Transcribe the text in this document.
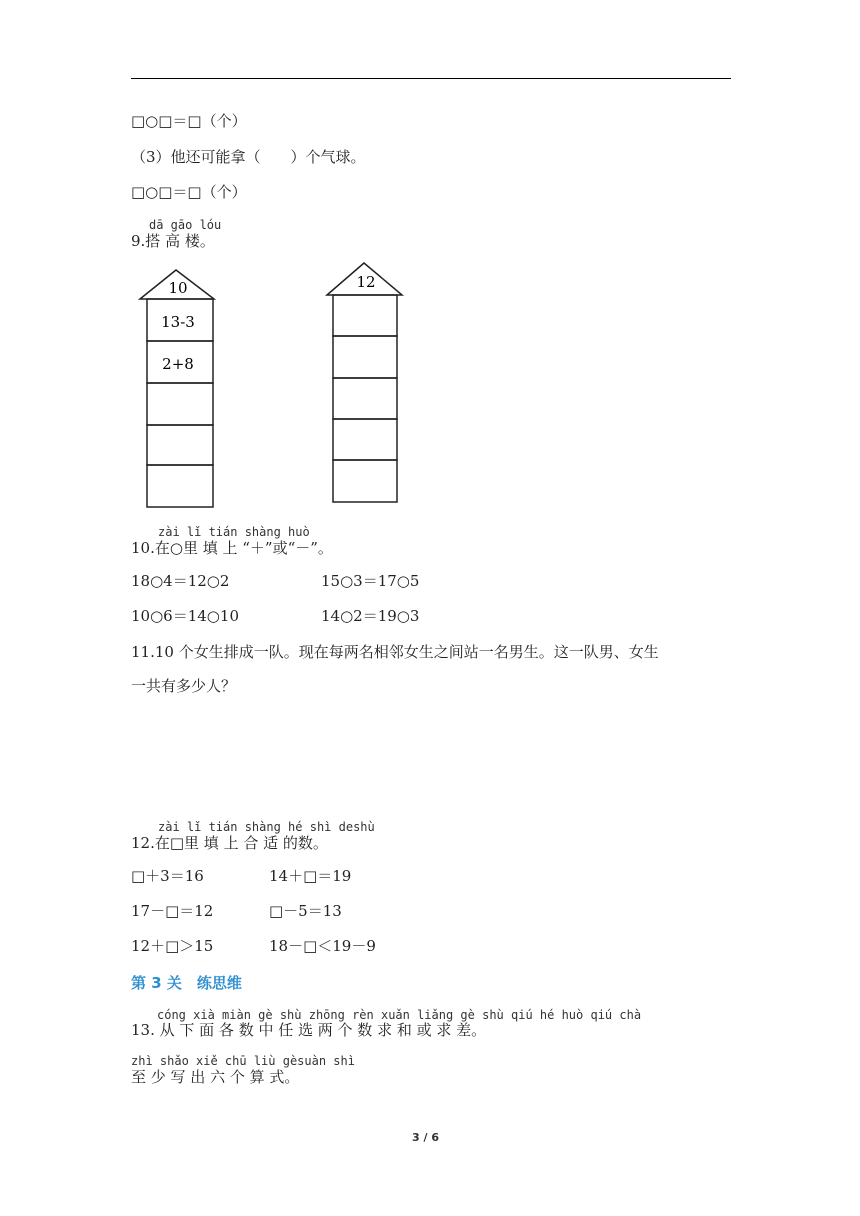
□○□＝□（个）
（3）他还可能拿（　　）个气球。
□○□＝□（个）
dā gāo lóu
9.搭 高 楼。
10
13-3
2+8
12
zài lǐ tián shàng huò
10.在○里 填 上 “＋”或“－”。
18○4＝12○2	15○3＝17○5
10○6＝14○10	14○2＝19○3
11.10 个女生排成一队。现在每两名相邻女生之间站一名男生。这一队男、女生
一共有多少人？
zài lǐ tián shàng hé shì deshù
12.在□里 填 上 合 适 的数。
□＋3＝16	14＋□＝19
17－□＝12	□－5＝13
12＋□＞15	18－□＜19－9
第 3 关　练思维
cóng xià miàn gè shù zhōng rèn xuǎn liǎng gè shù qiú hé huò qiú chà
13. 从 下 面 各 数 中 任 选 两 个 数 求 和 或 求 差。
zhì shǎo xiě chū liù gèsuàn shì
至 少 写 出 六 个 算 式。
3 / 6
